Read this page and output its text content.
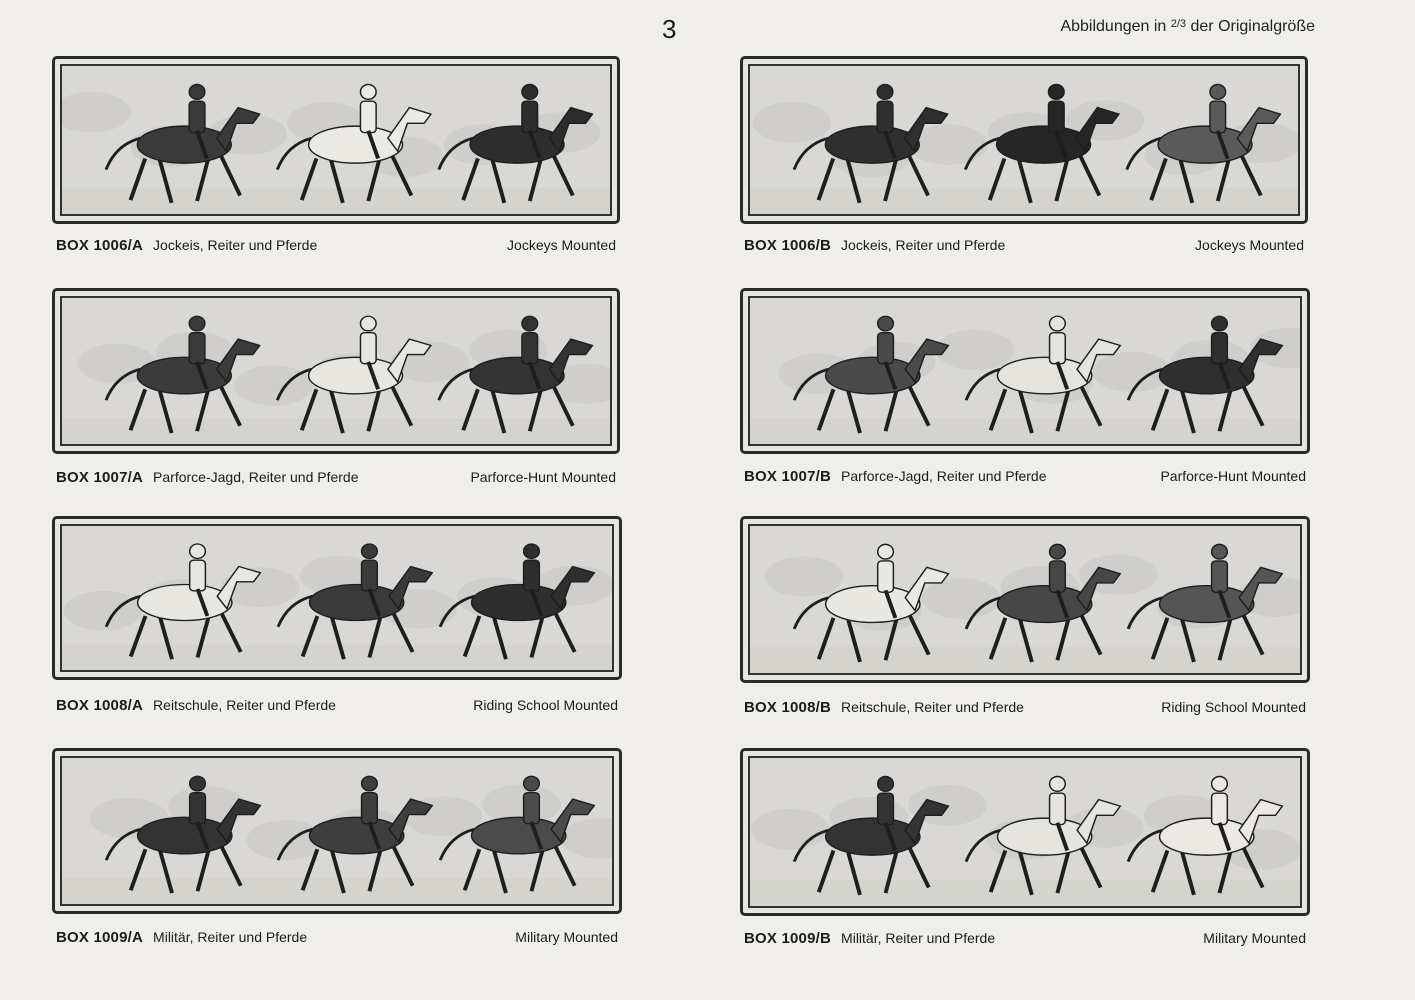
3	Abbildungen in $^{2/3}$ der Originalgröße
BOX 1006/A Jockeis, Reiter und Pferde	Jockeys Mounted	BOX 1006/B Jockeis, Reiter und Pferde	Jockeys Mounted
BOX 1007/A Parforce-Jagd, Reiter und Pferde	Parforce-Hunt Mounted	BOX 1007/B Parforce-Jagd, Reiter und Pferde	Parforce-Hunt Mounted
BOX 1008/A Reitschule, Reiter und Pferde	Riding School Mounted	BOX 1008/B Reitschule, Reiter und Pferde	Riding School Mounted
BOX 1009/A Militär, Reiter und Pferde	Military Mounted	BOX 1009/B Militär, Reiter und Pferde	Military Mounted
